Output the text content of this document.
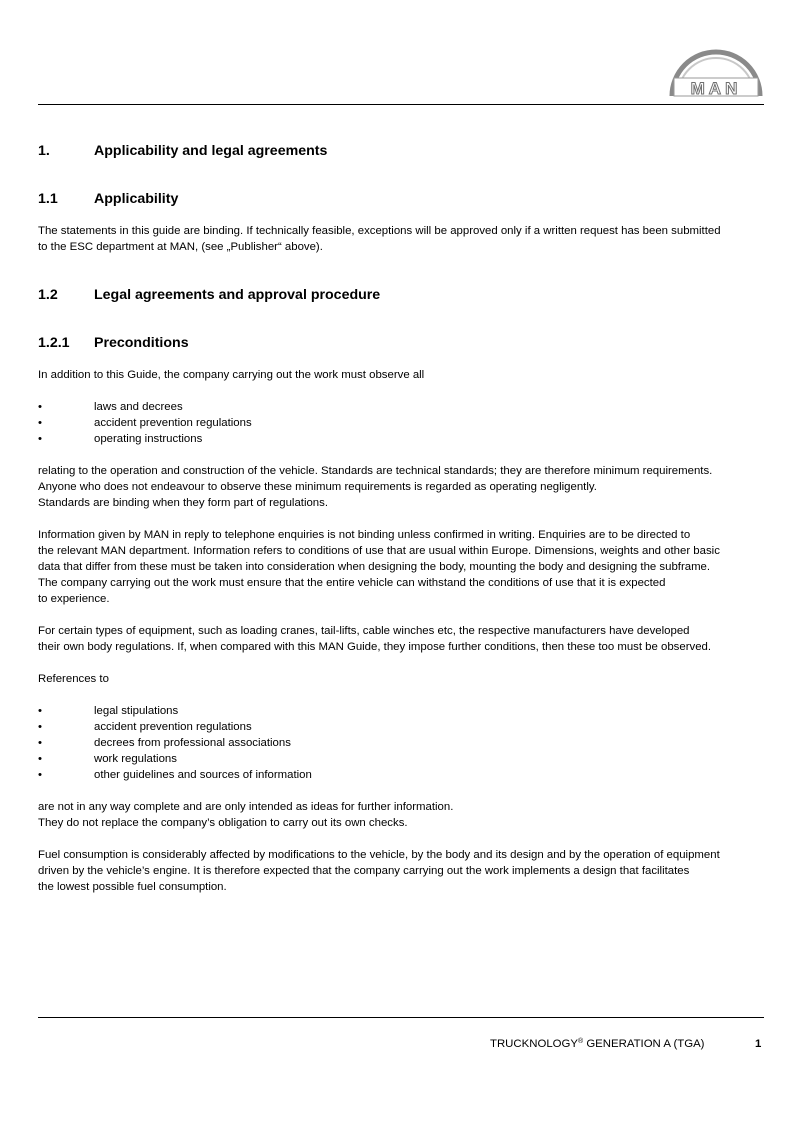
MAN
1.	Applicability and legal agreements
1.1	Applicability
The statements in this guide are binding. If technically feasible, exceptions will be approved only if a written request has been submitted
to the ESC department at MAN, (see „Publisher“ above).
1.2	Legal agreements and approval procedure
1.2.1 Preconditions
In addition to this Guide, the company carrying out the work must observe all
•	laws and decrees
•	accident prevention regulations
•	operating instructions
relating to the operation and construction of the vehicle. Standards are technical standards; they are therefore minimum requirements.
Anyone who does not endeavour to observe these minimum requirements is regarded as operating negligently.
Standards are binding when they form part of regulations.
Information given by MAN in reply to telephone enquiries is not binding unless confirmed in writing. Enquiries are to be directed to
the relevant MAN department. Information refers to conditions of use that are usual within Europe. Dimensions, weights and other basic
data that differ from these must be taken into consideration when designing the body, mounting the body and designing the subframe.
The company carrying out the work must ensure that the entire vehicle can withstand the conditions of use that it is expected
to experience.
For certain types of equipment, such as loading cranes, tail-lifts, cable winches etc, the respective manufacturers have developed
their own body regulations. If, when compared with this MAN Guide, they impose further conditions, then these too must be observed.
References to
•	legal stipulations
•	accident prevention regulations
•	decrees from professional associations
•	work regulations
•	other guidelines and sources of information
are not in any way complete and are only intended as ideas for further information.
They do not replace the company’s obligation to carry out its own checks.
Fuel consumption is considerably affected by modifications to the vehicle, by the body and its design and by the operation of equipment
driven by the vehicle’s engine. It is therefore expected that the company carrying out the work implements a design that facilitates
the lowest possible fuel consumption.
TRUCKNOLOGY® GENERATION A (TGA)	1
